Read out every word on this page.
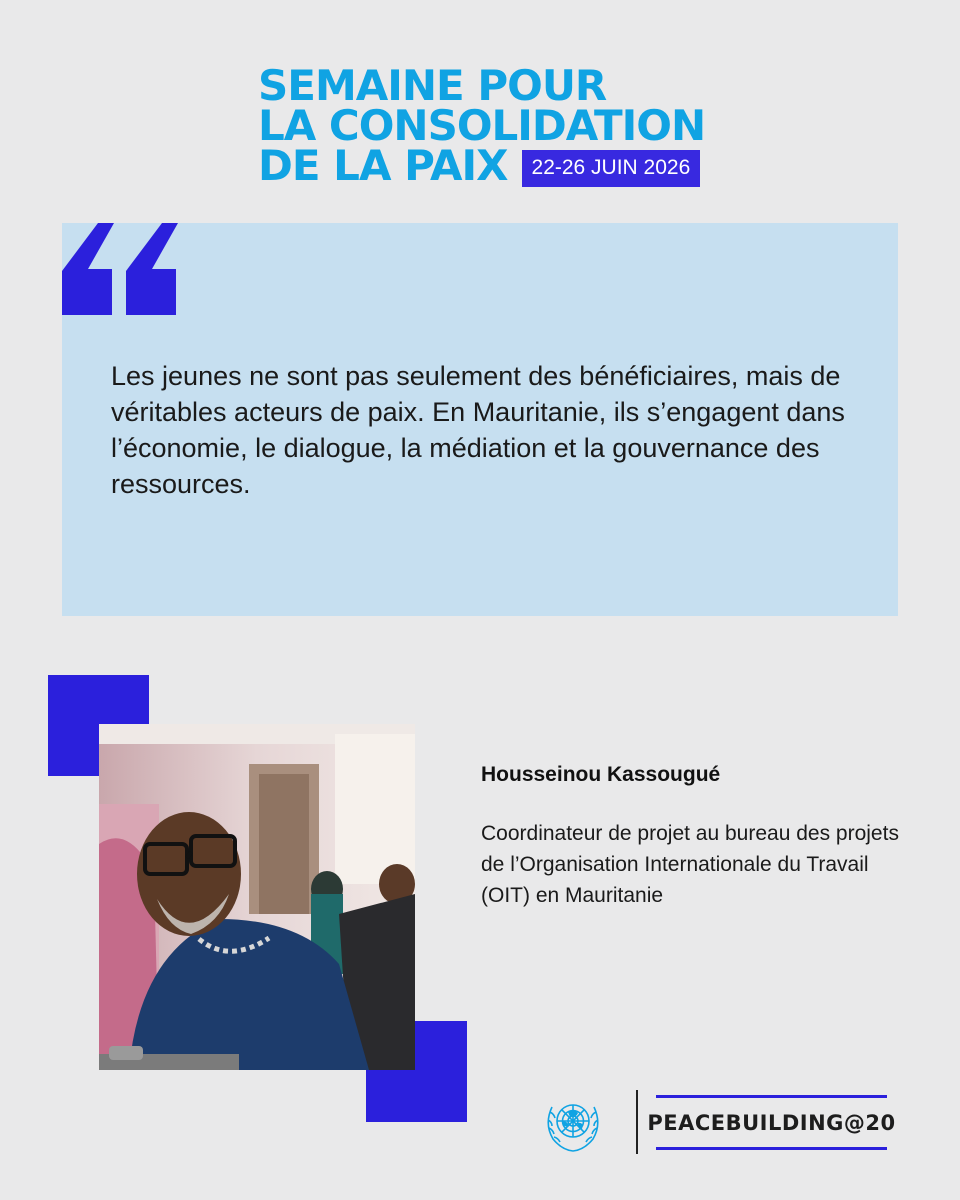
SEMAINE POUR
LA CONSOLIDATION
DE LA PAIX	22-26 JUIN 2026

Les jeunes ne sont pas seulement des bénéficiaires, mais de véritables acteurs de paix. En Mauritanie, ils s’engagent dans l’économie, le dialogue, la médiation et la gouvernance des ressources.

Housseinou Kassougué

Coordinateur de projet au bureau des projets de l’Organisation Internationale du Travail (OIT) en Mauritanie

PEACEBUILDING@20
